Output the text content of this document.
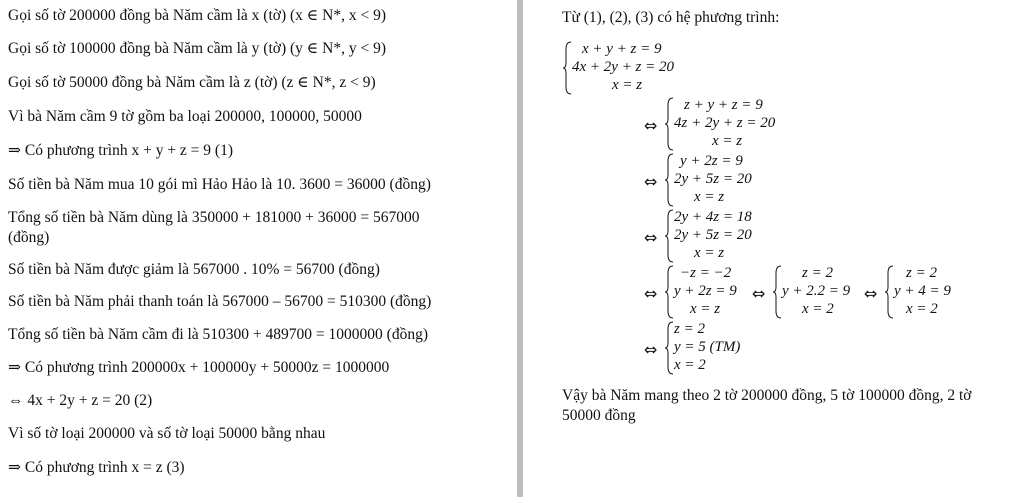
Gọi số tờ 200000 đồng bà Năm cầm là x (tờ) (x ∈ N*, x < 9)
Gọi số tờ 100000 đồng bà Năm cầm là y (tờ) (y ∈ N*, y < 9)
Gọi số tờ 50000 đồng bà Năm cầm là z (tờ) (z ∈ N*, z < 9)
Vì bà Năm cầm 9 tờ gồm ba loại 200000, 100000, 50000
⇒ Có phương trình x + y + z = 9 (1)
Số tiền bà Năm mua 10 gói mì Hảo Hảo là 10. 3600 = 36000 (đồng)
Tổng số tiền bà Năm dùng là 350000 + 181000 + 36000 = 567000
(đồng)
Số tiền bà Năm được giảm là 567000 . 10% = 56700 (đồng)
Số tiền bà Năm phải thanh toán là 567000 – 56700 = 510300 (đồng)
Tổng số tiền bà Năm cầm đi là 510300 + 489700 = 1000000 (đồng)
⇒ Có phương trình 200000x + 100000y + 50000z = 1000000
⇔ 4x + 2y + z = 20 (2)
Vì số tờ loại 200000 và số tờ loại 50000 bằng nhau
⇒ Có phương trình x = z (3)
Từ (1), (2), (3) có hệ phương trình:
x + y + z = 9
4x + 2y + z = 20
x = z
⇔
z + y + z = 9
4z + 2y + z = 20
x = z
⇔
y + 2z = 9
2y + 5z = 20
x = z
⇔
2y + 4z = 18
2y + 5z = 20
x = z
⇔
−z = −2
y + 2z = 9
x = z
⇔
z = 2
y + 2.2 = 9
x = 2
⇔
z = 2
y + 4 = 9
x = 2
⇔
z = 2
y = 5 (TM)
x = 2
Vậy bà Năm mang theo 2 tờ 200000 đồng, 5 tờ 100000 đồng, 2 tờ
50000 đồng
